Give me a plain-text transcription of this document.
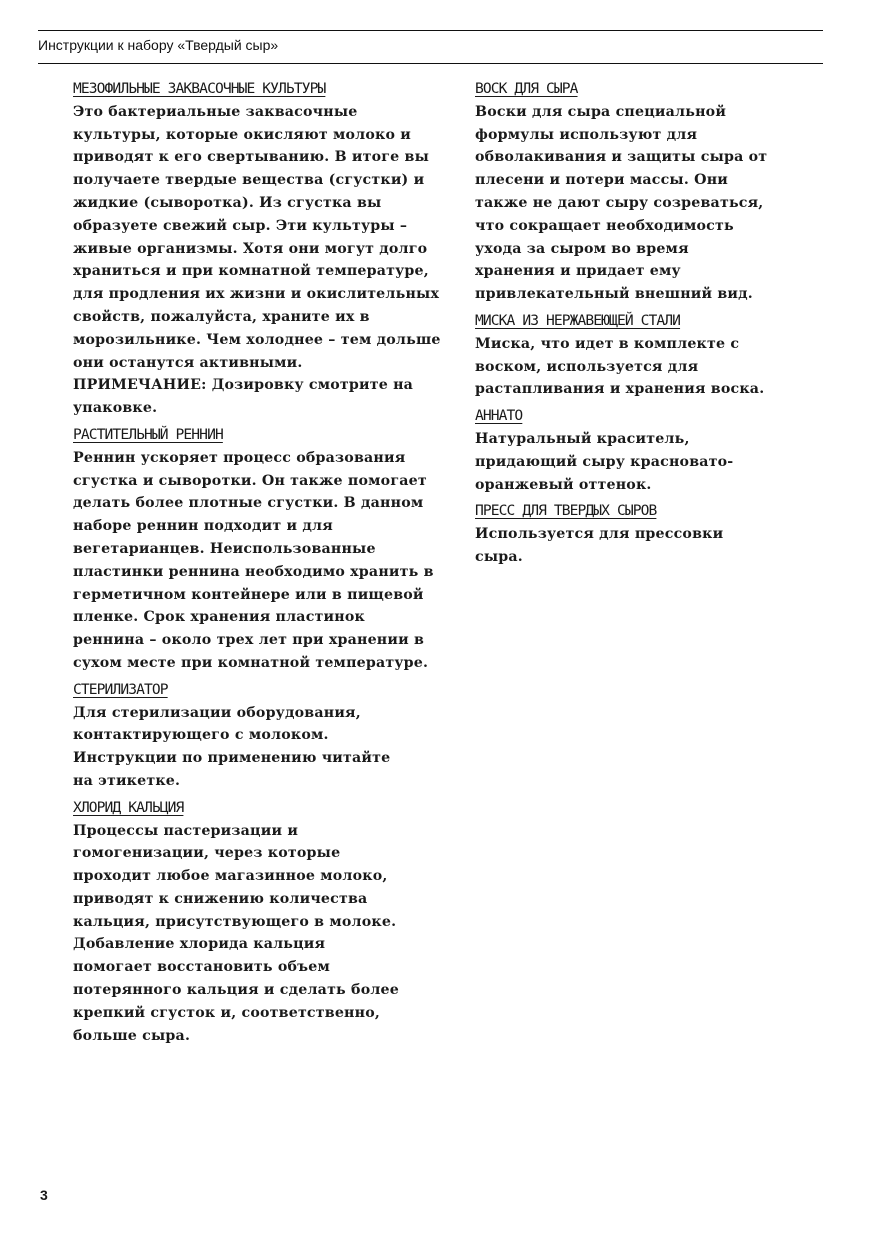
Инструкции к набору «Твердый сыр»
МЕЗОФИЛЬНЫЕ ЗАКВАСОЧНЫЕ КУЛЬТУРЫ
Это бактериальные заквасочные
культуры, которые окисляют молоко и
приводят к его свертыванию. В итоге вы
получаете твердые вещества (сгустки) и
жидкие (сыворотка). Из сгустка вы
образуете свежий сыр. Эти культуры –
живые организмы. Хотя они могут долго
храниться и при комнатной температуре,
для продления их жизни и окислительных
свойств, пожалуйста, храните их в
морозильнике. Чем холоднее – тем дольше
они останутся активными.
ПРИМЕЧАНИЕ: Дозировку смотрите на
упаковке.
РАСТИТЕЛЬНЫЙ РЕННИН
Реннин ускоряет процесс образования
сгустка и сыворотки. Он также помогает
делать более плотные сгустки. В данном
наборе реннин подходит и для
вегетарианцев. Неиспользованные
пластинки реннина необходимо хранить в
герметичном контейнере или в пищевой
пленке. Срок хранения пластинок
реннина – около трех лет при хранении в
сухом месте при комнатной температуре.
СТЕРИЛИЗАТОР
Для стерилизации оборудования,
контактирующего с молоком.
Инструкции по применению читайте
на этикетке.
ХЛОРИД КАЛЬЦИЯ
Процессы пастеризации и
гомогенизации, через которые
проходит любое магазинное молоко,
приводят к снижению количества
кальция, присутствующего в молоке.
Добавление хлорида кальция
помогает восстановить объем
потерянного кальция и сделать более
крепкий сгусток и, соответственно,
больше сыра.
ВОСК ДЛЯ СЫРА
Воски для сыра специальной
формулы используют для
обволакивания и защиты сыра от
плесени и потери массы. Они
также не дают сыру созреваться,
что сокращает необходимость
ухода за сыром во время
хранения и придает ему
привлекательный внешний вид.
МИСКА ИЗ НЕРЖАВЕЮЩЕЙ СТАЛИ
Миска, что идет в комплекте с
воском, используется для
растапливания и хранения воска.
АННАТО
Натуральный краситель,
придающий сыру красновато-
оранжевый оттенок.
ПРЕСС ДЛЯ ТВЕРДЫХ СЫРОВ
Используется для прессовки
сыра.
3
